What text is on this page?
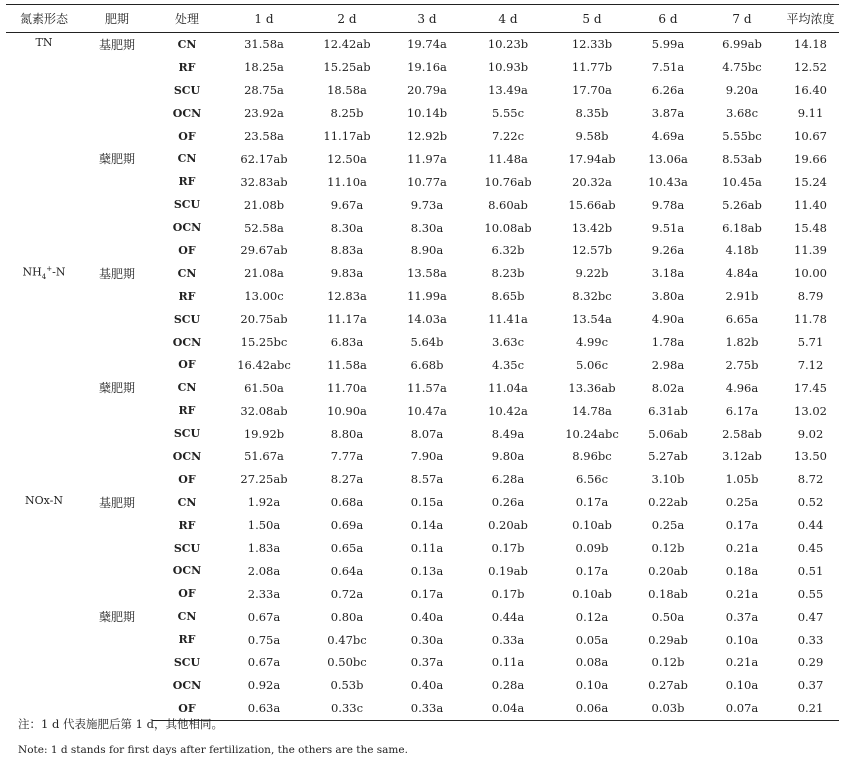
氮素形态	肥期	处理	1 d	2 d	3 d	4 d	5 d	6 d	7 d	平均浓度
TN	基肥期	CN	31.58a	12.42ab	19.74a	10.23b	12.33b	5.99a	6.99ab	14.18
		RF	18.25a	15.25ab	19.16a	10.93b	11.77b	7.51a	4.75bc	12.52
		SCU	28.75a	18.58a	20.79a	13.49a	17.70a	6.26a	9.20a	16.40
		OCN	23.92a	8.25b	10.14b	5.55c	8.35b	3.87a	3.68c	9.11
		OF	23.58a	11.17ab	12.92b	7.22c	9.58b	4.69a	5.55bc	10.67
	蘖肥期	CN	62.17ab	12.50a	11.97a	11.48a	17.94ab	13.06a	8.53ab	19.66
		RF	32.83ab	11.10a	10.77a	10.76ab	20.32a	10.43a	10.45a	15.24
		SCU	21.08b	9.67a	9.73a	8.60ab	15.66ab	9.78a	5.26ab	11.40
		OCN	52.58a	8.30a	8.30a	10.08ab	13.42b	9.51a	6.18ab	15.48
		OF	29.67ab	8.83a	8.90a	6.32b	12.57b	9.26a	4.18b	11.39
$NH_4^+-N$	基肥期	CN	21.08a	9.83a	13.58a	8.23b	9.22b	3.18a	4.84a	10.00
		RF	13.00c	12.83a	11.99a	8.65b	8.32bc	3.80a	2.91b	8.79
		SCU	20.75ab	11.17a	14.03a	11.41a	13.54a	4.90a	6.65a	11.78
		OCN	15.25bc	6.83a	5.64b	3.63c	4.99c	1.78a	1.82b	5.71
		OF	16.42abc	11.58a	6.68b	4.35c	5.06c	2.98a	2.75b	7.12
	蘖肥期	CN	61.50a	11.70a	11.57a	11.04a	13.36ab	8.02a	4.96a	17.45
		RF	32.08ab	10.90a	10.47a	10.42a	14.78a	6.31ab	6.17a	13.02
		SCU	19.92b	8.80a	8.07a	8.49a	10.24abc	5.06ab	2.58ab	9.02
		OCN	51.67a	7.77a	7.90a	9.80a	8.96bc	5.27ab	3.12ab	13.50
		OF	27.25ab	8.27a	8.57a	6.28a	6.56c	3.10b	1.05b	8.72
NOx-N	基肥期	CN	1.92a	0.68a	0.15a	0.26a	0.17a	0.22ab	0.25a	0.52
		RF	1.50a	0.69a	0.14a	0.20ab	0.10ab	0.25a	0.17a	0.44
		SCU	1.83a	0.65a	0.11a	0.17b	0.09b	0.12b	0.21a	0.45
		OCN	2.08a	0.64a	0.13a	0.19ab	0.17a	0.20ab	0.18a	0.51
		OF	2.33a	0.72a	0.17a	0.17b	0.10ab	0.18ab	0.21a	0.55
	蘖肥期	CN	0.67a	0.80a	0.40a	0.44a	0.12a	0.50a	0.37a	0.47
		RF	0.75a	0.47bc	0.30a	0.33a	0.05a	0.29ab	0.10a	0.33
		SCU	0.67a	0.50bc	0.37a	0.11a	0.08a	0.12b	0.21a	0.29
		OCN	0.92a	0.53b	0.40a	0.28a	0.10a	0.27ab	0.10a	0.37
		OF	0.63a	0.33c	0.33a	0.04a	0.06a	0.03b	0.07a	0.21
注：1 d 代表施肥后第 1 d，其他相同。
Note: 1 d stands for first days after fertilization, the others are the same.
